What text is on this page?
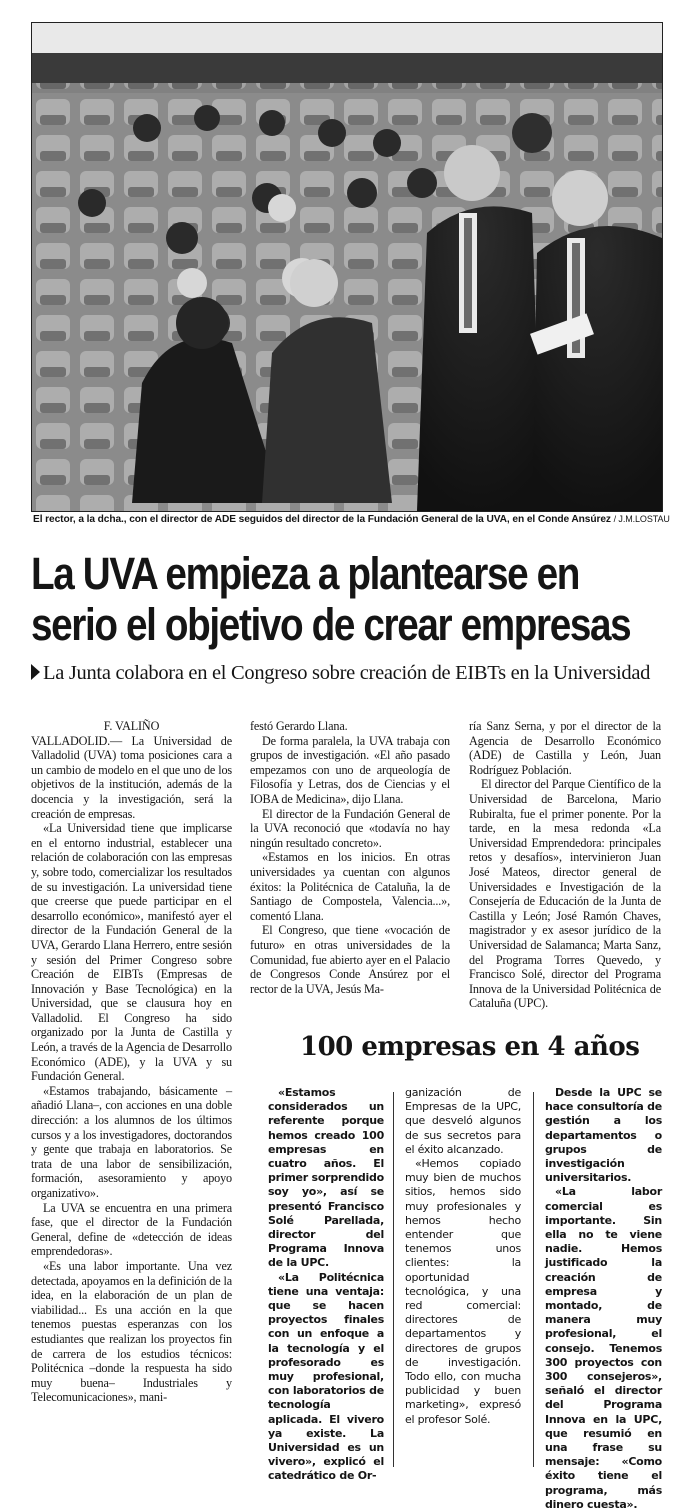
El rector, a la dcha., con el director de ADE seguidos del director de la Fundación General de la UVA, en el Conde Ansúrez / J.M.LOSTAU
La UVA empieza a plantearse en
serio el objetivo de crear empresas
La Junta colabora en el Congreso sobre creación de EIBTs en la Universidad

F. VALIÑO

VALLADOLID.— La Universidad de Valladolid (UVA) toma posiciones cara a un cambio de modelo en el que uno de los objetivos de la institución, además de la docencia y la investigación, será la creación de empresas.

«La Universidad tiene que implicarse en el entorno industrial, establecer una relación de colaboración con las empresas y, sobre todo, comercializar los resultados de su investigación. La universidad tiene que creerse que puede participar en el desarrollo económico», manifestó ayer el director de la Fundación General de la UVA, Gerardo Llana Herrero, entre sesión y sesión del Primer Congreso sobre Creación de EIBTs (Empresas de Innovación y Base Tecnológica) en la Universidad, que se clausura hoy en Valladolid. El Congreso ha sido organizado por la Junta de Castilla y León, a través de la Agencia de Desarrollo Económico (ADE), y la UVA y su Fundación General.

«Estamos trabajando, básicamente –añadió Llana–, con acciones en una doble dirección: a los alumnos de los últimos cursos y a los investigadores, doctorandos y gente que trabaja en laboratorios. Se trata de una labor de sensibilización, formación, asesoramiento y apoyo organizativo».

La UVA se encuentra en una primera fase, que el director de la Fundación General, define de «detección de ideas emprendedoras».

«Es una labor importante. Una vez detectada, apoyamos en la definición de la idea, en la elaboración de un plan de viabilidad... Es una acción en la que tenemos puestas esperanzas con los estudiantes que realizan los proyectos fin de carrera de los estudios técnicos: Politécnica –donde la respuesta ha sido muy buena– Industriales y Telecomunicaciones», mani-

festó Gerardo Llana.

De forma paralela, la UVA trabaja con grupos de investigación. «El año pasado empezamos con uno de arqueología de Filosofía y Letras, dos de Ciencias y el IOBA de Medicina», dijo Llana.

El director de la Fundación General de la UVA reconoció que «todavía no hay ningún resultado concreto».

«Estamos en los inicios. En otras universidades ya cuentan con algunos éxitos: la Politécnica de Cataluña, la de Santiago de Compostela, Valencia...», comentó Llana.

El Congreso, que tiene «vocación de futuro» en otras universidades de la Comunidad, fue abierto ayer en el Palacio de Congresos Conde Ansúrez por el rector de la UVA, Jesús Ma-

ría Sanz Serna, y por el director de la Agencia de Desarrollo Económico (ADE) de Castilla y León, Juan Rodríguez Población.

El director del Parque Científico de la Universidad de Barcelona, Mario Rubiralta, fue el primer ponente. Por la tarde, en la mesa redonda «La Universidad Emprendedora: principales retos y desafíos», intervinieron Juan José Mateos, director general de Universidades e Investigación de la Consejería de Educación de la Junta de Castilla y León; José Ramón Chaves, magistrador y ex asesor jurídico de la Universidad de Salamanca; Marta Sanz, del Programa Torres Quevedo, y Francisco Solé, director del Programa Innova de la Universidad Politécnica de Cataluña (UPC).

100 empresas en 4 años

«Estamos considerados un referente porque hemos creado 100 empresas en cuatro años. El primer sorprendido soy yo», así se presentó Francisco Solé Parellada, director del Programa Innova de la UPC.

«La Politécnica tiene una ventaja: que se hacen proyectos finales con un enfoque a la tecnología y el profesorado es muy profesional, con laboratorios de tecnología aplicada. El vivero ya existe. La Universidad es un vivero», explicó el catedrático de Or-

ganización de Empresas de la UPC, que desveló algunos de sus secretos para el éxito alcanzado.

«Hemos copiado muy bien de muchos sitios, hemos sido muy profesionales y hemos hecho entender que tenemos unos clientes: la oportunidad tecnológica, y una red comercial: directores de departamentos y directores de grupos de investigación. Todo ello, con mucha publicidad y buen marketing», expresó el profesor Solé.

Desde la UPC se hace consultoría de gestión a los departamentos o grupos de investigación universitarios.

«La labor comercial es importante. Sin ella no te viene nadie. Hemos justificado la creación de empresa y montado, de manera muy profesional, el consejo. Tenemos 300 proyectos con 300 consejeros», señaló el director del Programa Innova en la UPC, que resumió en una frase su mensaje: «Como éxito tiene el programa, más dinero cuesta».
